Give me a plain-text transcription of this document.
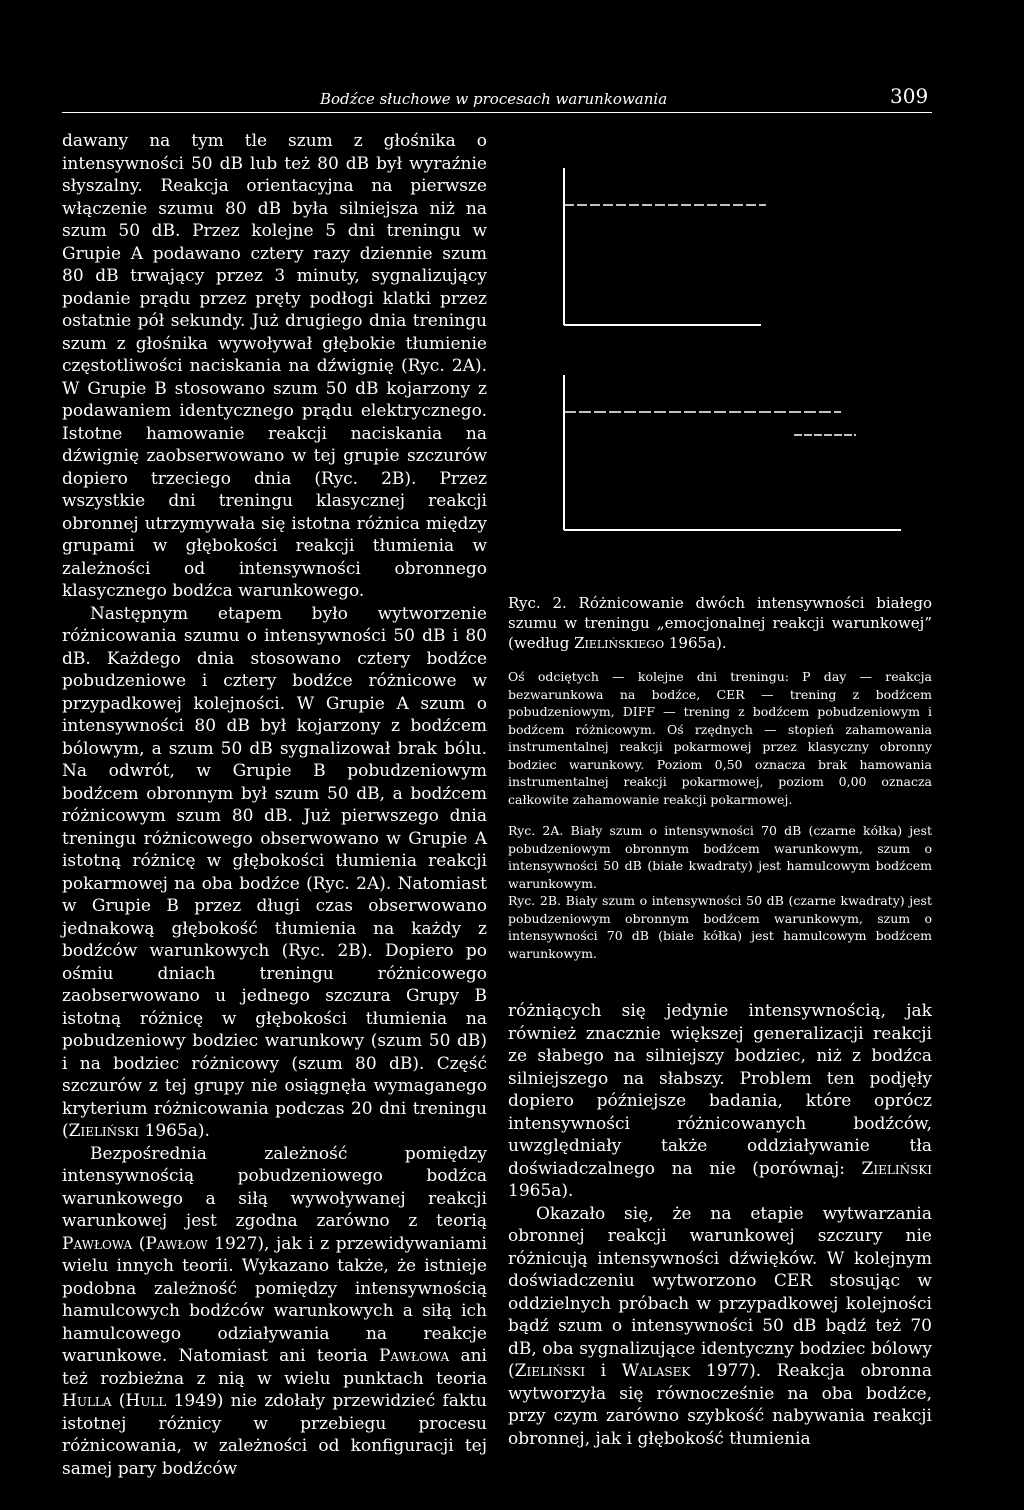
Bodźce słuchowe w procesach warunkowania	309

dawany na tym tle szum z głośnika o intensywności 50 dB lub też 80 dB był wyraźnie słyszalny. Reakcja orientacyjna na pierwsze włączenie szumu 80 dB była silniejsza niż na szum 50 dB. Przez kolejne 5 dni treningu w Grupie A podawano cztery razy dziennie szum 80 dB trwający przez 3 minuty, sygnalizujący podanie prądu przez pręty podłogi klatki przez ostatnie pół sekundy. Już drugiego dnia treningu szum z głośnika wywoływał głębokie tłumienie częstotliwości naciskania na dźwignię (Ryc. 2A). W Grupie B stosowano szum 50 dB kojarzony z podawaniem identycznego prądu elektrycznego. Istotne hamowanie reakcji naciskania na dźwignię zaobserwowano w tej grupie szczurów dopiero trzeciego dnia (Ryc. 2B). Przez wszystkie dni treningu klasycznej reakcji obronnej utrzymywała się istotna różnica między grupami w głębokości reakcji tłumienia w zależności od intensywności obronnego klasycznego bodźca warunkowego.

Następnym etapem było wytworzenie różnicowania szumu o intensywności 50 dB i 80 dB. Każdego dnia stosowano cztery bodźce pobudzeniowe i cztery bodźce różnicowe w przypadkowej kolejności. W Grupie A szum o intensywności 80 dB był kojarzony z bodźcem bólowym, a szum 50 dB sygnalizował brak bólu. Na odwrót, w Grupie B pobudzeniowym bodźcem obronnym był szum 50 dB, a bodźcem różnicowym szum 80 dB. Już pierwszego dnia treningu różnicowego obserwowano w Grupie A istotną różnicę w głębokości tłumienia reakcji pokarmowej na oba bodźce (Ryc. 2A). Natomiast w Grupie B przez długi czas obserwowano jednakową głębokość tłumienia na każdy z bodźców warunkowych (Ryc. 2B). Dopiero po ośmiu dniach treningu różnicowego zaobserwowano u jednego szczura Grupy B istotną różnicę w głębokości tłumienia na pobudzeniowy bodziec warunkowy (szum 50 dB) i na bodziec różnicowy (szum 80 dB). Część szczurów z tej grupy nie osiągnęła wymaganego kryterium różnicowania podczas 20 dni treningu (Zieliński 1965a).

Bezpośrednia zależność pomiędzy intensywnością pobudzeniowego bodźca warunkowego a siłą wywoływanej reakcji warunkowej jest zgodna zarówno z teorią Pawłowa (Pawłow 1927), jak i z przewidywaniami wielu innych teorii. Wykazano także, że istnieje podobna zależność pomiędzy intensywnością hamulcowych bodźców warunkowych a siłą ich hamulcowego odziaływania na reakcje warunkowe. Natomiast ani teoria Pawłowa ani też rozbieżna z nią w wielu punktach teoria Hulla (Hull 1949) nie zdołały przewidzieć faktu istotnej różnicy w przebiegu procesu różnicowania, w zależności od konfiguracji tej samej pary bodźców

Ryc. 2. Różnicowanie dwóch intensywności białego szumu w treningu „emocjonalnej reakcji warunkowej” (według Zielińskiego 1965a).

Oś odciętych — kolejne dni treningu: P day — reakcja bezwarunkowa na bodźce, CER — trening z bodźcem pobudzeniowym, DIFF — trening z bodźcem pobudzeniowym i bodźcem różnicowym. Oś rzędnych — stopień zahamowania instrumentalnej reakcji pokarmowej przez klasyczny obronny bodziec warunkowy. Poziom 0,50 oznacza brak hamowania instrumentalnej reakcji pokarmowej, poziom 0,00 oznacza całkowite zahamowanie reakcji pokarmowej.

Ryc. 2A. Biały szum o intensywności 70 dB (czarne kółka) jest pobudzeniowym obronnym bodźcem warunkowym, szum o intensywności 50 dB (białe kwadraty) jest hamulcowym bodźcem warunkowym.

Ryc. 2B. Biały szum o intensywności 50 dB (czarne kwadraty) jest pobudzeniowym obronnym bodźcem warunkowym, szum o intensywności 70 dB (białe kółka) jest hamulcowym bodźcem warunkowym.

różniących się jedynie intensywnością, jak również znacznie większej generalizacji reakcji ze słabego na silniejszy bodziec, niż z bodźca silniejszego na słabszy. Problem ten podjęły dopiero późniejsze badania, które oprócz intensywności różnicowanych bodźców, uwzględniały także oddziaływanie tła doświadczalnego na nie (porównaj: Zieliński 1965a).

Okazało się, że na etapie wytwarzania obronnej reakcji warunkowej szczury nie różnicują intensywności dźwięków. W kolejnym doświadczeniu wytworzono CER stosując w oddzielnych próbach w przypadkowej kolejności bądź szum o intensywności 50 dB bądź też 70 dB, oba sygnalizujące identyczny bodziec bólowy (Zieliński i Walasek 1977). Reakcja obronna wytworzyła się równocześnie na oba bodźce, przy czym zarówno szybkość nabywania reakcji obronnej, jak i głębokość tłumienia
